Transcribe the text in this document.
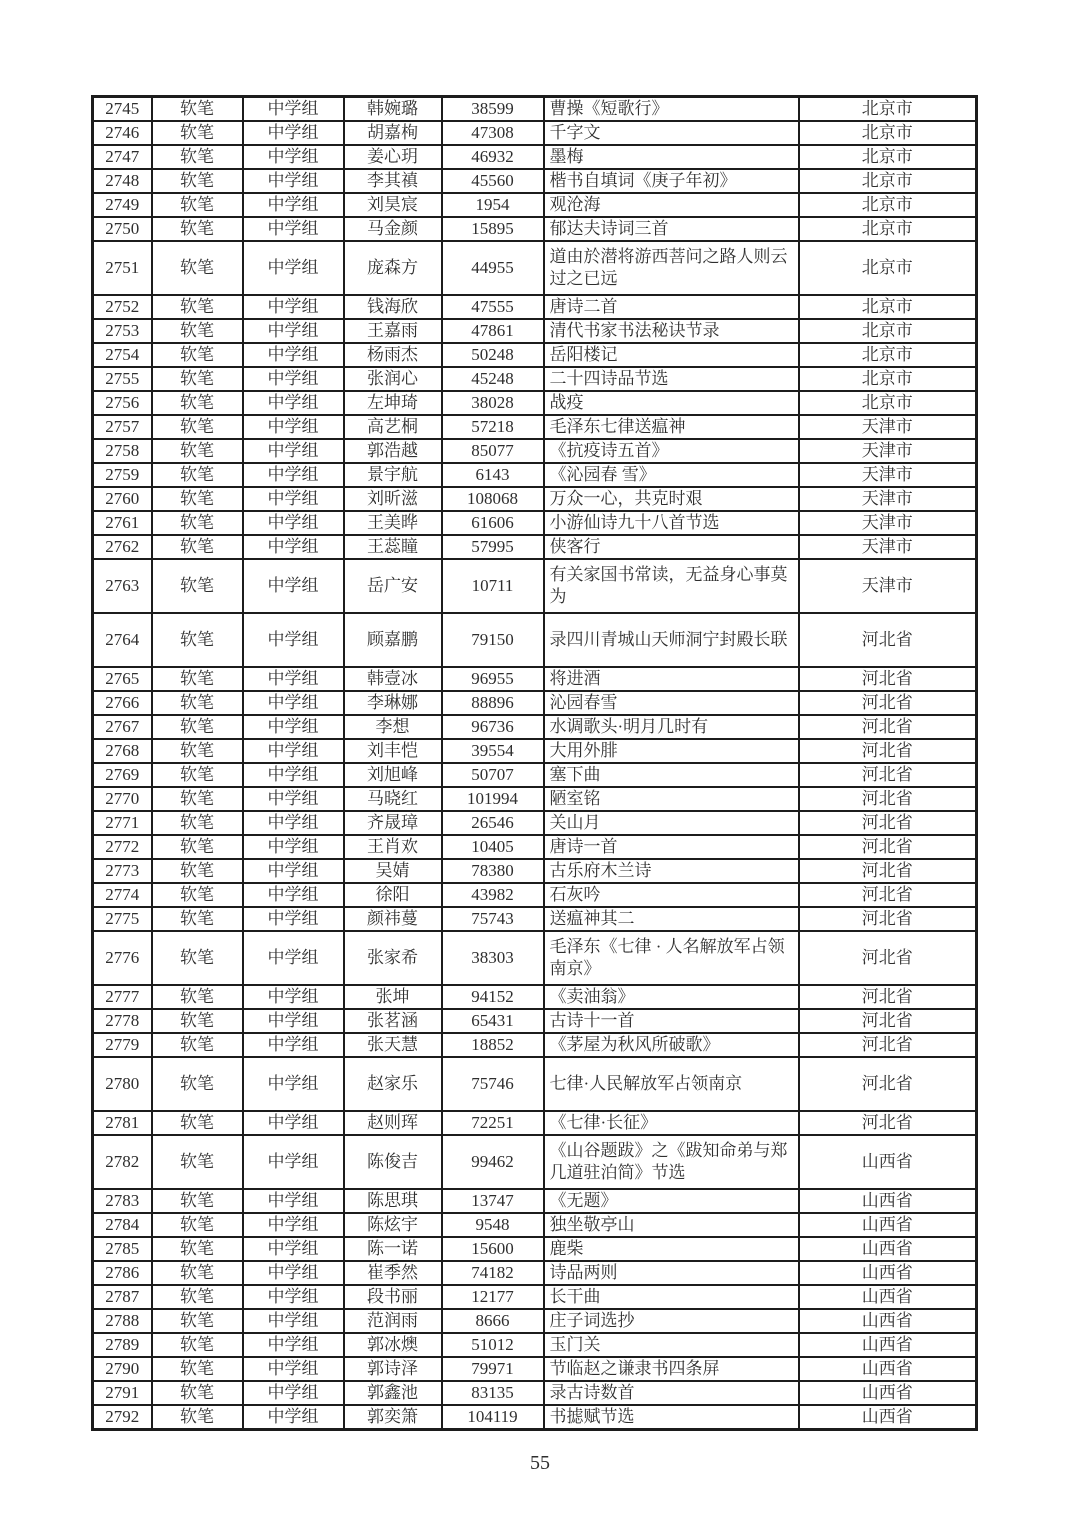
2745	软笔	中学组	韩婉璐	38599	曹操《短歌行》	北京市
2746	软笔	中学组	胡嘉栒	47308	千字文	北京市
2747	软笔	中学组	姜心玥	46932	墨梅	北京市
2748	软笔	中学组	李其禛	45560	楷书自填词《庚子年初》	北京市
2749	软笔	中学组	刘昊宸	1954	观沧海	北京市
2750	软笔	中学组	马金颜	15895	郁达夫诗词三首	北京市
2751	软笔	中学组	庞森方	44955	道由於潜将游西菩问之路人则云过之已远	北京市
2752	软笔	中学组	钱海欣	47555	唐诗二首	北京市
2753	软笔	中学组	王嘉雨	47861	清代书家书法秘诀节录	北京市
2754	软笔	中学组	杨雨杰	50248	岳阳楼记	北京市
2755	软笔	中学组	张润心	45248	二十四诗品节选	北京市
2756	软笔	中学组	左坤琦	38028	战疫	北京市
2757	软笔	中学组	高艺桐	57218	毛泽东七律送瘟神	天津市
2758	软笔	中学组	郭浩越	85077	《抗疫诗五首》	天津市
2759	软笔	中学组	景宇航	6143	《沁园春 雪》	天津市
2760	软笔	中学组	刘昕滋	108068	万众一心，共克时艰	天津市
2761	软笔	中学组	王美晔	61606	小游仙诗九十八首节选	天津市
2762	软笔	中学组	王蕊瞳	57995	侠客行	天津市
2763	软笔	中学组	岳广安	10711	有关家国书常读，无益身心事莫为	天津市
2764	软笔	中学组	顾嘉鹏	79150	录四川青城山天师洞宁封殿长联	河北省
2765	软笔	中学组	韩壹冰	96955	将进酒	河北省
2766	软笔	中学组	李琳娜	88896	沁园春雪	河北省
2767	软笔	中学组	李想	96736	水调歌头·明月几时有	河北省
2768	软笔	中学组	刘丰恺	39554	大用外腓	河北省
2769	软笔	中学组	刘旭峰	50707	塞下曲	河北省
2770	软笔	中学组	马晓红	101994	陋室铭	河北省
2771	软笔	中学组	齐晟璋	26546	关山月	河北省
2772	软笔	中学组	王肖欢	10405	唐诗一首	河北省
2773	软笔	中学组	吴婧	78380	古乐府木兰诗	河北省
2774	软笔	中学组	徐阳	43982	石灰吟	河北省
2775	软笔	中学组	颜祎蔓	75743	送瘟神其二	河北省
2776	软笔	中学组	张家希	38303	毛泽东《七律 · 人名解放军占领南京》	河北省
2777	软笔	中学组	张坤	94152	《卖油翁》	河北省
2778	软笔	中学组	张茗涵	65431	古诗十一首	河北省
2779	软笔	中学组	张天慧	18852	《茅屋为秋风所破歌》	河北省
2780	软笔	中学组	赵家乐	75746	七律·人民解放军占领南京	河北省
2781	软笔	中学组	赵则珲	72251	《七律·长征》	河北省
2782	软笔	中学组	陈俊吉	99462	《山谷题跋》之《跋知命弟与郑几道驻泊简》节选	山西省
2783	软笔	中学组	陈思琪	13747	《无题》	山西省
2784	软笔	中学组	陈炫宇	9548	独坐敬亭山	山西省
2785	软笔	中学组	陈一诺	15600	鹿柴	山西省
2786	软笔	中学组	崔季然	74182	诗品两则	山西省
2787	软笔	中学组	段书丽	12177	长干曲	山西省
2788	软笔	中学组	范润雨	8666	庄子词选抄	山西省
2789	软笔	中学组	郭冰燠	51012	玉门关	山西省
2790	软笔	中学组	郭诗泽	79971	节临赵之谦隶书四条屏	山西省
2791	软笔	中学组	郭鑫池	83135	录古诗数首	山西省
2792	软笔	中学组	郭奕箫	104119	书摅赋节选	山西省
55
